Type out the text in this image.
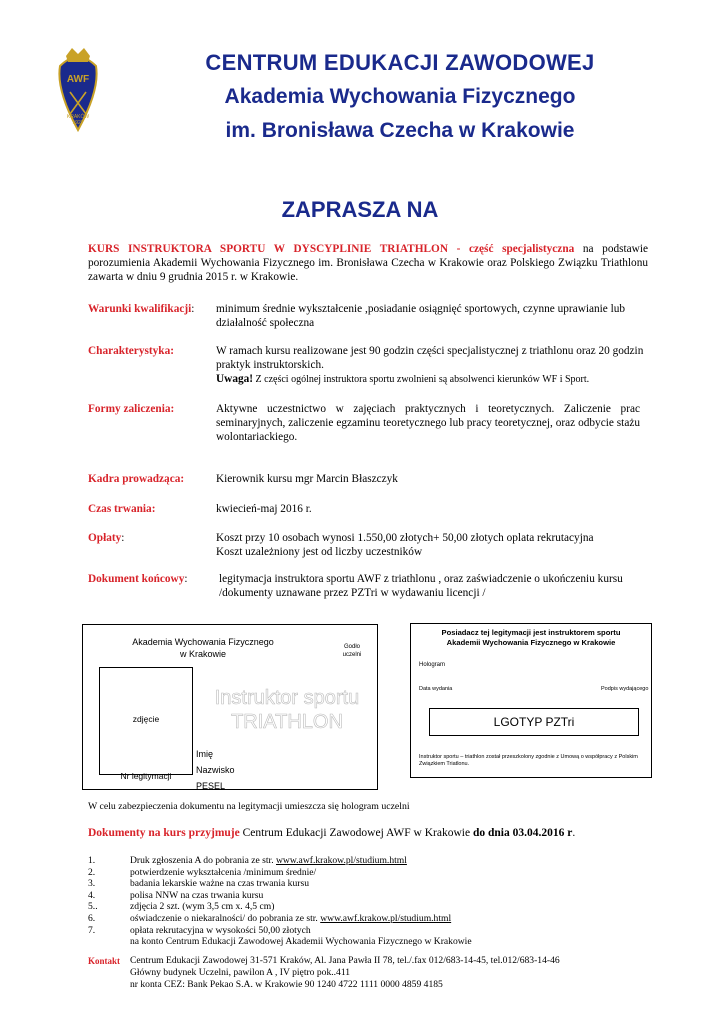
AWF
KRAKÓW
1927
CENTRUM EDUKACJI ZAWODOWEJ
Akademia Wychowania Fizycznego
im. Bronisława Czecha w Krakowie
ZAPRASZA NA
KURS INSTRUKTORA SPORTU W DYSCYPLINIE TRIATHLON - część specjalistyczna na podstawie porozumienia Akademii Wychowania Fizycznego im. Bronisława Czecha w Krakowie oraz Polskiego Związku Triathlonu zawarta w dniu 9 grudnia 2015 r. w Krakowie.
Warunki kwalifikacji: minimum średnie wykształcenie ,posiadanie osiągnięć sportowych, czynne uprawianie lub działalność społeczna
Charakterystyka:	W ramach kursu realizowane jest 90 godzin części specjalistycznej z triathlonu oraz 20 godzin praktyk instruktorskich.
Uwaga! Z części ogólnej instruktora sportu zwolnieni są absolwenci kierunków WF i Sport.
Formy zaliczenia:	Aktywne uczestnictwo w zajęciach praktycznych i teoretycznych. Zaliczenie prac seminaryjnych, zaliczenie egzaminu teoretycznego lub pracy teoretycznej, oraz odbycie stażu wolontariackiego.
Kadra prowadząca:	Kierownik kursu mgr Marcin Błaszczyk
Czas trwania:	kwiecień-maj 2016 r.
Opłaty:	Koszt przy 10 osobach wynosi 1.550,00 złotych+ 50,00 złotych oplata rekrutacyjna
Koszt uzależniony jest od liczby uczestników
Dokument końcowy:	legitymacja instruktora sportu AWF z triathlonu , oraz zaświadczenie o ukończeniu kursu /dokumenty uznawane przez PZTri w wydawaniu licencji /
Akademia Wychowania Fizycznego
w Krakowie
Godło uczelni
zdjęcie
Instruktor sportu
TRIATHLON
Imię
Nazwisko
PESEL
Nr legitymacji
Posiadacz tej legitymacji jest instruktorem sportu
Akademii Wychowania Fizycznego w Krakowie
Hologram
Data wydania	Podpis wydającego
LGOTYP PZTri
Instruktor sportu – triathlon został przeszkolony zgodnie z Umową o współpracy z Polskim Związkiem Triatlonu.
W celu zabezpieczenia dokumentu na legitymacji umieszcza się hologram uczelni
Dokumenty na kurs przyjmuje Centrum Edukacji Zawodowej AWF w Krakowie do dnia 03.04.2016 r.
1.	Druk zgłoszenia A do pobrania ze str. www.awf.krakow.pl/studium.html
2.	potwierdzenie wykształcenia /minimum średnie/
3.	badania lekarskie ważne na czas trwania kursu
4.	polisa NNW na czas trwania kursu
5..	zdjęcia 2 szt. (wym 3,5 cm x. 4,5 cm)
6.	oświadczenie o niekaralności/ do pobrania ze str. www.awf.krakow.pl/studium.html
7.	opłata rekrutacyjna w wysokości 50,00 złotych
na konto Centrum Edukacji Zawodowej Akademii Wychowania Fizycznego w Krakowie
Kontakt Centrum Edukacji Zawodowej 31-571 Kraków, Al. Jana Pawła II 78, tel./.fax 012/683-14-45, tel.012/683-14-46
Główny budynek Uczelni, pawilon A , IV piętro pok..411
nr konta CEZ: Bank Pekao S.A. w Krakowie 90 1240 4722 1111 0000 4859 4185
